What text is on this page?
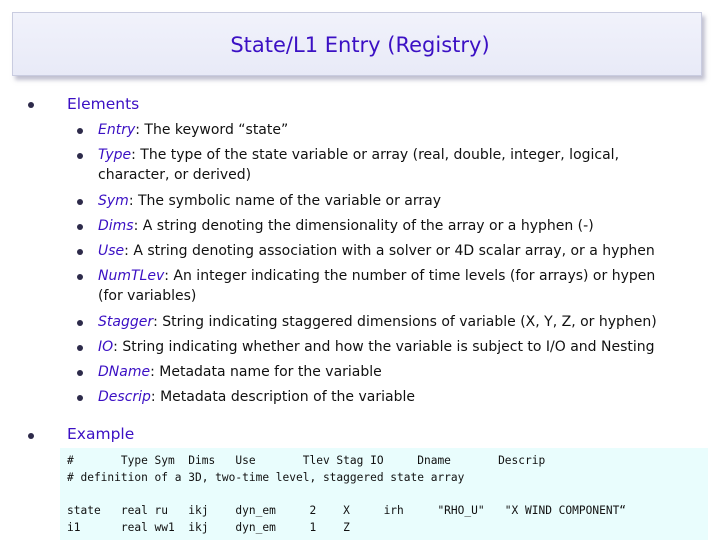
State/L1 Entry (Registry)
Elements
Entry: The keyword “state”
Type: The type of the state variable or array (real, double, integer, logical,
character, or derived)
Sym: The symbolic name of the variable or array
Dims: A string denoting the dimensionality of the array or a hyphen (-)
Use: A string denoting association with a solver or 4D scalar array, or a hyphen
NumTLev: An integer indicating the number of time levels (for arrays) or hypen
(for variables)
Stagger: String indicating staggered dimensions of variable (X, Y, Z, or hyphen)
IO: String indicating whether and how the variable is subject to I/O and Nesting
DName: Metadata name for the variable
Descrip: Metadata description of the variable
Example

#       Type Sym  Dims   Use       Tlev Stag IO     Dname       Descrip

# definition of a 3D, two-time level, staggered state array

state   real ru   ikj    dyn_em     2    X     irh     "RHO_U"   "X WIND COMPONENT“

i1      real ww1  ikj    dyn_em     1    Z
